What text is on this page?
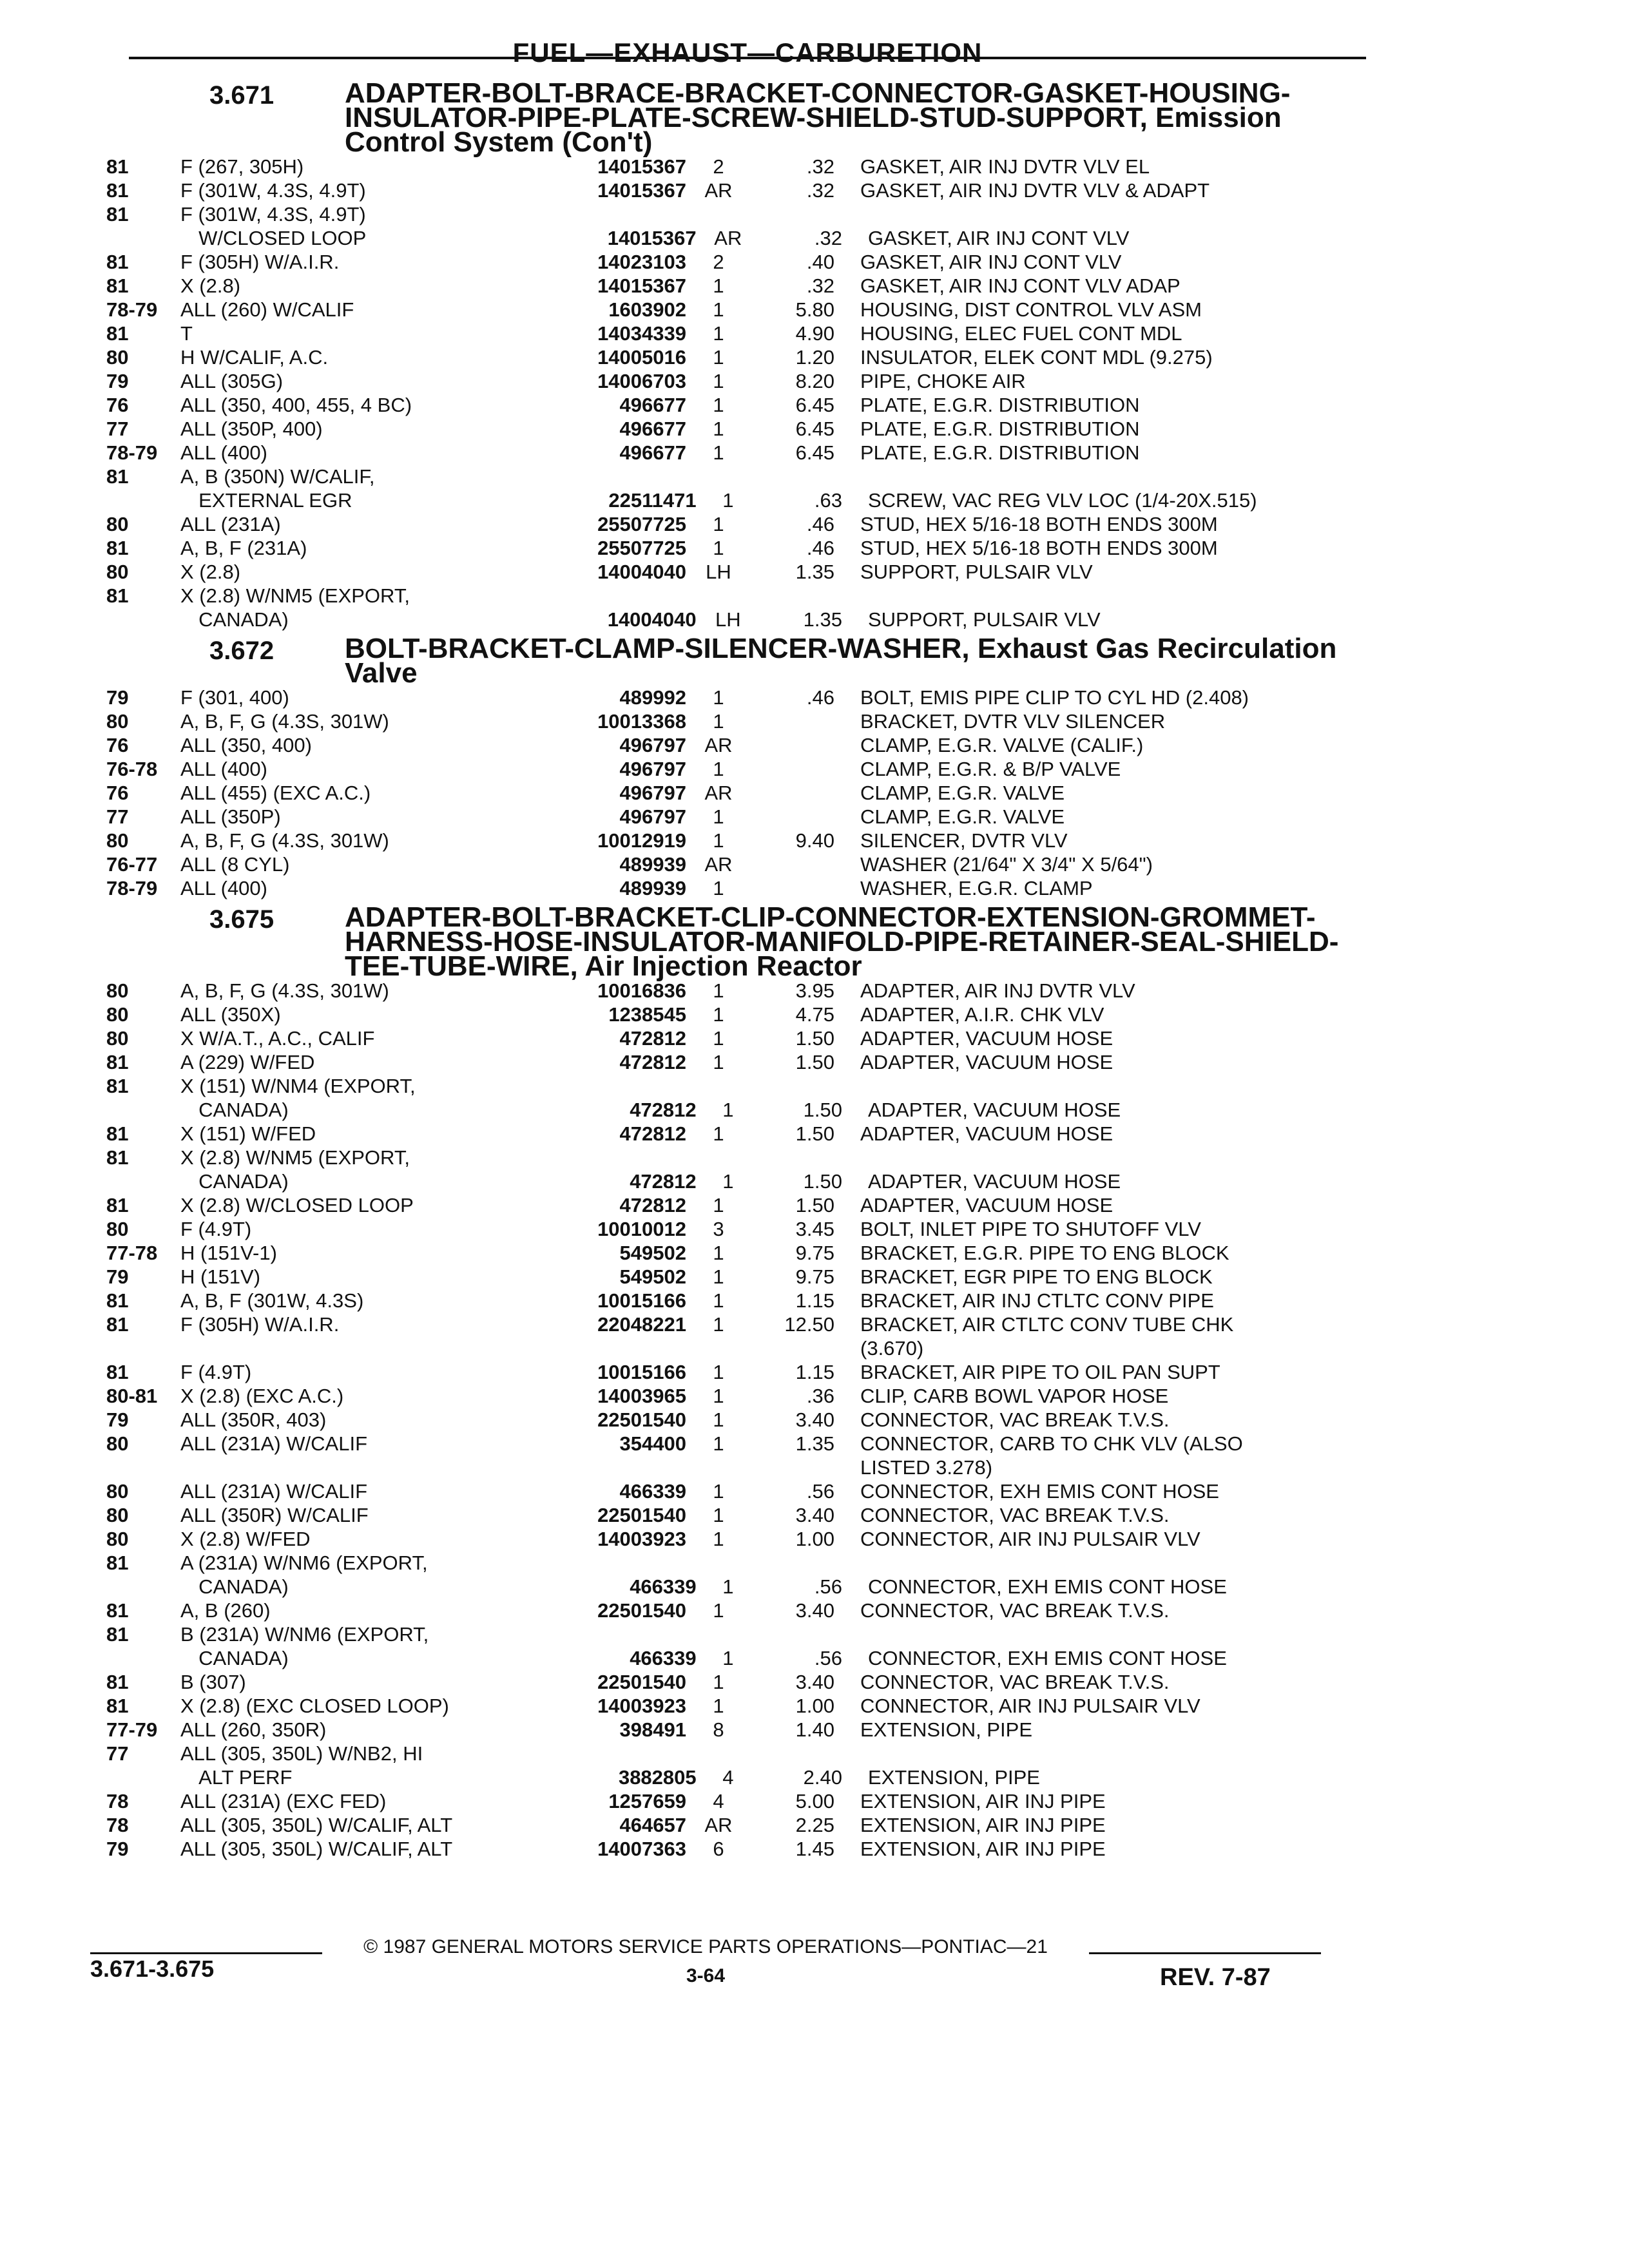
FUEL—EXHAUST—CARBURETION
3.671	ADAPTER-BOLT-BRACE-BRACKET-CONNECTOR-GASKET-HOUSING-INSULATOR-PIPE-PLATE-SCREW-SHIELD-STUD-SUPPORT, Emission Control System (Con't)
81	F (267, 305H)	14015367	2	.32	GASKET, AIR INJ DVTR VLV EL
81	F (301W, 4.3S, 4.9T)	14015367 AR	.32	GASKET, AIR INJ DVTR VLV & ADAPT
81	F (301W, 4.3S, 4.9T)
W/CLOSED LOOP	14015367 AR	.32	GASKET, AIR INJ CONT VLV
81	F (305H) W/A.I.R.	14023103	2	.40	GASKET, AIR INJ CONT VLV
81	X (2.8)	14015367	1	.32	GASKET, AIR INJ CONT VLV ADAP
78-79	ALL (260) W/CALIF	1603902	1	5.80	HOUSING, DIST CONTROL VLV ASM
81	T	14034339	1	4.90	HOUSING, ELEC FUEL CONT MDL
80	H W/CALIF, A.C.	14005016	1	1.20	INSULATOR, ELEK CONT MDL (9.275)
79	ALL (305G)	14006703	1	8.20	PIPE, CHOKE AIR
76	ALL (350, 400, 455, 4 BC)	496677	1	6.45	PLATE, E.G.R. DISTRIBUTION
77	ALL (350P, 400)	496677	1	6.45	PLATE, E.G.R. DISTRIBUTION
78-79	ALL (400)	496677	1	6.45	PLATE, E.G.R. DISTRIBUTION
81	A, B (350N) W/CALIF,
EXTERNAL EGR	22511471	1	.63	SCREW, VAC REG VLV LOC (1/4-20X.515)
80	ALL (231A)	25507725	1	.46	STUD, HEX 5/16-18 BOTH ENDS 300M
81	A, B, F (231A)	25507725	1	.46	STUD, HEX 5/16-18 BOTH ENDS 300M
80	X (2.8)	14004040 LH	1.35	SUPPORT, PULSAIR VLV
81	X (2.8) W/NM5 (EXPORT,
CANADA)	14004040 LH	1.35	SUPPORT, PULSAIR VLV
3.672	BOLT-BRACKET-CLAMP-SILENCER-WASHER, Exhaust Gas Recirculation Valve
79	F (301, 400)	489992	1	.46	BOLT, EMIS PIPE CLIP TO CYL HD (2.408)
80	A, B, F, G (4.3S, 301W)	10013368	1	BRACKET, DVTR VLV SILENCER
76	ALL (350, 400)	496797 AR	CLAMP, E.G.R. VALVE (CALIF.)
76-78	ALL (400)	496797	1	CLAMP, E.G.R. & B/P VALVE
76	ALL (455) (EXC A.C.)	496797 AR	CLAMP, E.G.R. VALVE
77	ALL (350P)	496797	1	CLAMP, E.G.R. VALVE
80	A, B, F, G (4.3S, 301W)	10012919	1	9.40	SILENCER, DVTR VLV
76-77	ALL (8 CYL)	489939 AR	WASHER (21/64" X 3/4" X 5/64")
78-79	ALL (400)	489939	1	WASHER, E.G.R. CLAMP
3.675	ADAPTER-BOLT-BRACKET-CLIP-CONNECTOR-EXTENSION-GROMMET-HARNESS-HOSE-INSULATOR-MANIFOLD-PIPE-RETAINER-SEAL-SHIELD-TEE-TUBE-WIRE, Air Injection Reactor
80	A, B, F, G (4.3S, 301W)	10016836	1	3.95	ADAPTER, AIR INJ DVTR VLV
80	ALL (350X)	1238545	1	4.75	ADAPTER, A.I.R. CHK VLV
80	X W/A.T., A.C., CALIF	472812	1	1.50	ADAPTER, VACUUM HOSE
81	A (229) W/FED	472812	1	1.50	ADAPTER, VACUUM HOSE
81	X (151) W/NM4 (EXPORT,
CANADA)	472812	1	1.50	ADAPTER, VACUUM HOSE
81	X (151) W/FED	472812	1	1.50	ADAPTER, VACUUM HOSE
81	X (2.8) W/NM5 (EXPORT,
CANADA)	472812	1	1.50	ADAPTER, VACUUM HOSE
81	X (2.8) W/CLOSED LOOP	472812	1	1.50	ADAPTER, VACUUM HOSE
80	F (4.9T)	10010012	3	3.45	BOLT, INLET PIPE TO SHUTOFF VLV
77-78	H (151V-1)	549502	1	9.75	BRACKET, E.G.R. PIPE TO ENG BLOCK
79	H (151V)	549502	1	9.75	BRACKET, EGR PIPE TO ENG BLOCK
81	A, B, F (301W, 4.3S)	10015166	1	1.15	BRACKET, AIR INJ CTLTC CONV PIPE
81	F (305H) W/A.I.R.	22048221	1	12.50	BRACKET, AIR CTLTC CONV TUBE CHK
(3.670)
81	F (4.9T)	10015166	1	1.15	BRACKET, AIR PIPE TO OIL PAN SUPT
80-81	X (2.8) (EXC A.C.)	14003965	1	.36	CLIP, CARB BOWL VAPOR HOSE
79	ALL (350R, 403)	22501540	1	3.40	CONNECTOR, VAC BREAK T.V.S.
80	ALL (231A) W/CALIF	354400	1	1.35	CONNECTOR, CARB TO CHK VLV (ALSO
LISTED 3.278)
80	ALL (231A) W/CALIF	466339	1	.56	CONNECTOR, EXH EMIS CONT HOSE
80	ALL (350R) W/CALIF	22501540	1	3.40	CONNECTOR, VAC BREAK T.V.S.
80	X (2.8) W/FED	14003923	1	1.00	CONNECTOR, AIR INJ PULSAIR VLV
81	A (231A) W/NM6 (EXPORT,
CANADA)	466339	1	.56	CONNECTOR, EXH EMIS CONT HOSE
81	A, B (260)	22501540	1	3.40	CONNECTOR, VAC BREAK T.V.S.
81	B (231A) W/NM6 (EXPORT,
CANADA)	466339	1	.56	CONNECTOR, EXH EMIS CONT HOSE
81	B (307)	22501540	1	3.40	CONNECTOR, VAC BREAK T.V.S.
81	X (2.8) (EXC CLOSED LOOP)	14003923	1	1.00	CONNECTOR, AIR INJ PULSAIR VLV
77-79	ALL (260, 350R)	398491	8	1.40	EXTENSION, PIPE
77	ALL (305, 350L) W/NB2, HI
ALT PERF	3882805	4	2.40	EXTENSION, PIPE
78	ALL (231A) (EXC FED)	1257659	4	5.00	EXTENSION, AIR INJ PIPE
78	ALL (305, 350L) W/CALIF, ALT	464657 AR	2.25	EXTENSION, AIR INJ PIPE
79	ALL (305, 350L) W/CALIF, ALT	14007363	6	1.45	EXTENSION, AIR INJ PIPE
3.671-3.675
© 1987 GENERAL MOTORS SERVICE PARTS OPERATIONS—PONTIAC—21
3-64	REV. 7-87
